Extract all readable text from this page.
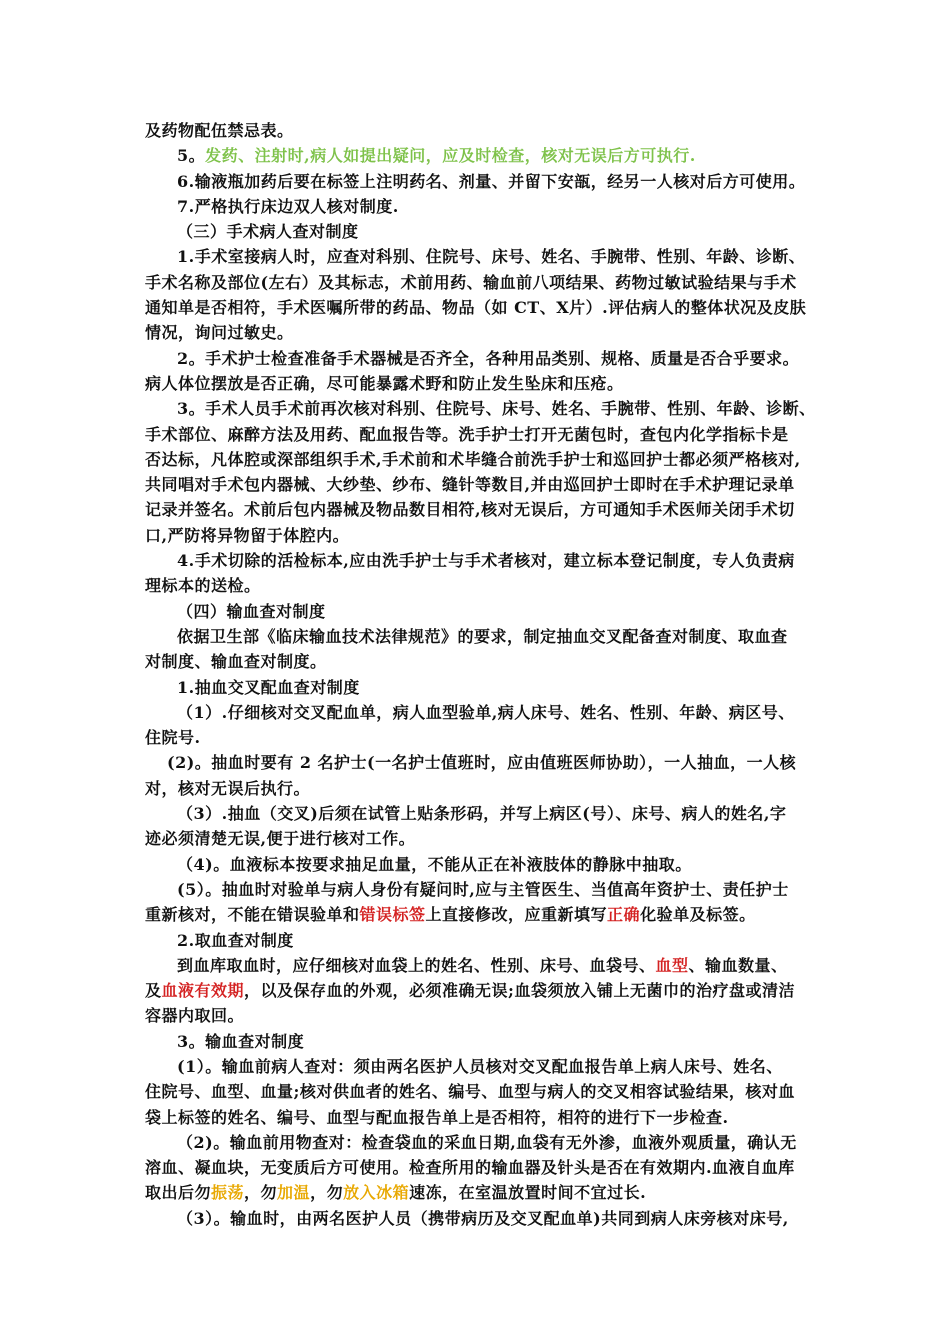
及药物配伍禁忌表。
5。发药、注射时,病人如提出疑问，应及时检查，核对无误后方可执行.
6.输液瓶加药后要在标签上注明药名、剂量、并留下安瓿，经另一人核对后方可使用。
7.严格执行床边双人核对制度.
（三）手术病人查对制度
1.手术室接病人时，应查对科别、住院号、床号、姓名、手腕带、性别、年龄、诊断、
手术名称及部位(左右）及其标志，术前用药、输血前八项结果、药物过敏试验结果与手术
通知单是否相符，手术医嘱所带的药品、物品（如 CT、X片）.评估病人的整体状况及皮肤
情况，询问过敏史。
2。手术护士检查准备手术器械是否齐全，各种用品类别、规格、质量是否合乎要求。
病人体位摆放是否正确，尽可能暴露术野和防止发生坠床和压疮。
3。手术人员手术前再次核对科别、住院号、床号、姓名、手腕带、性别、年龄、诊断、
手术部位、麻醉方法及用药、配血报告等。洗手护士打开无菌包时，查包内化学指标卡是
否达标，凡体腔或深部组织手术,手术前和术毕缝合前洗手护士和巡回护士都必须严格核对,
共同唱对手术包内器械、大纱垫、纱布、缝针等数目,并由巡回护士即时在手术护理记录单
记录并签名。术前后包内器械及物品数目相符,核对无误后，方可通知手术医师关闭手术切
口,严防将异物留于体腔内。
4.手术切除的活检标本,应由洗手护士与手术者核对，建立标本登记制度，专人负责病
理标本的送检。
（四）输血查对制度
依据卫生部《临床输血技术法律规范》的要求，制定抽血交叉配备查对制度、取血查
对制度、输血查对制度。
1.抽血交叉配血查对制度
（1）.仔细核对交叉配血单，病人血型验单,病人床号、姓名、性别、年龄、病区号、
住院号.
(2)。抽血时要有 2 名护士(一名护士值班时，应由值班医师协助），一人抽血，一人核
对，核对无误后执行。
（3）.抽血（交叉)后须在试管上贴条形码，并写上病区(号）、床号、病人的姓名,字
迹必须清楚无误,便于进行核对工作。
（4)。血液标本按要求抽足血量，不能从正在补液肢体的静脉中抽取。
(5）。抽血时对验单与病人身份有疑问时,应与主管医生、当值高年资护士、责任护士
重新核对，不能在错误验单和错误标签上直接修改，应重新填写正确化验单及标签。
2.取血查对制度
到血库取血时，应仔细核对血袋上的姓名、性别、床号、血袋号、血型、输血数量、
及血液有效期，以及保存血的外观，必须准确无误;血袋须放入铺上无菌巾的治疗盘或清洁
容器内取回。
3。输血查对制度
(1）。输血前病人查对：须由两名医护人员核对交叉配血报告单上病人床号、姓名、
住院号、血型、血量;核对供血者的姓名、编号、血型与病人的交叉相容试验结果，核对血
袋上标签的姓名、编号、血型与配血报告单上是否相符，相符的进行下一步检查.
（2)。输血前用物查对：检查袋血的采血日期,血袋有无外渗，血液外观质量，确认无
溶血、凝血块，无变质后方可使用。检查所用的输血器及针头是否在有效期内.血液自血库
取出后勿振荡，勿加温，勿放入冰箱速冻，在室温放置时间不宜过长.
（3）。输血时，由两名医护人员（携带病历及交叉配血单)共同到病人床旁核对床号,
